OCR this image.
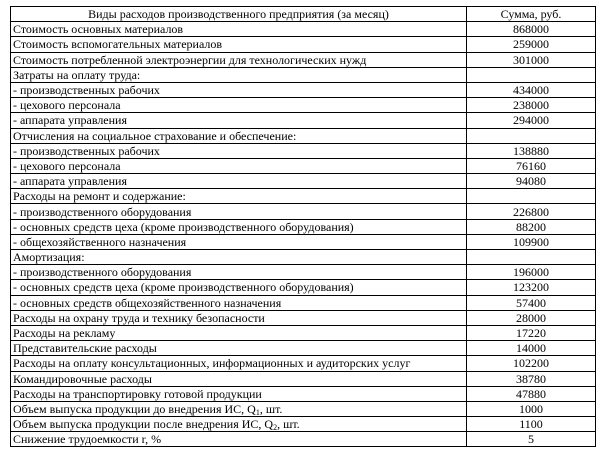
Виды расходов производственного предприятия (за месяц)	Сумма, руб.
Стоимость основных материалов	868000
Стоимость вспомогательных материалов	259000
Стоимость потребленной электроэнергии для технологических нужд	301000
Затраты на оплату труда:	
- производственных рабочих	434000
- цехового персонала	238000
- аппарата управления	294000
Отчисления на социальное страхование и обеспечение:	
- производственных рабочих	138880
- цехового персонала	76160
- аппарата управления	94080
Расходы на ремонт и содержание:	
- производственного оборудования	226800
- основных средств цеха (кроме производственного оборудования)	88200
- общехозяйственного назначения	109900
Амортизация:	
- производственного оборудования	196000
- основных средств цеха (кроме производственного оборудования)	123200
- основных средств общехозяйственного назначения	57400
Расходы на охрану труда и технику безопасности	28000
Расходы на рекламу	17220
Представительские расходы	14000
Расходы на оплату консультационных, информационных и аудиторских услуг	102200
Командировочные расходы	38780
Расходы на транспортировку готовой продукции	47880
Объем выпуска продукции до внедрения ИС, $Q_1$, шт.	1000
Объем выпуска продукции после внедрения ИС, $Q_2$, шт.	1100
Снижение трудоемкости r, %	5
